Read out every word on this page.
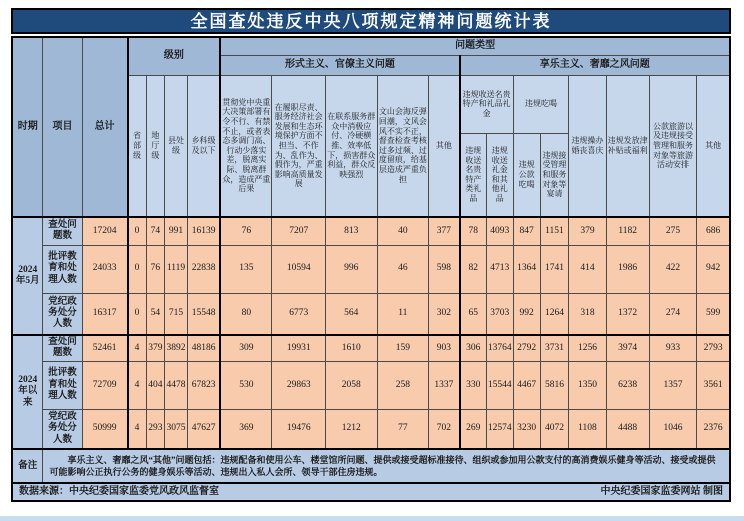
全国查处违反中央八项规定精神问题统计表
时期	项目	总计	级别				问题类型												
							形式主义、官僚主义问题					享乐主义、奢靡之风问题							
			省部级	地厅级	县处级	乡科级及以下	贯彻党中央重大决策部署有令不行、有禁不止，或者表态多调门高、行动少落实差，脱离实际、脱离群众，造成严重后果	在履职尽责、服务经济社会发展和生态环境保护方面不担当、不作为、乱作为、假作为，严重影响高质量发展	在联系服务群众中消极应付、冷硬横推、效率低下，损害群众利益，群众反映强烈	文山会海反弹回潮，文风会风不实不正，督查检查考核过多过频、过度留痕，给基层造成严重负担	其他	违规收送名贵特产和礼品礼金		违规吃喝		违规操办婚丧喜庆	违规发放津补贴或福利	公款旅游以及违规接受管理和服务对象等旅游活动安排	其他
												违规收送名贵特产类礼品	违规收送礼金和其他礼品	违规公款吃喝	违规接受管理和服务对象等宴请				
2024年5月	查处问题数	17204	0	74	991	16139	76	7207	813	40	377	78	4093	847	1151	379	1182	275	686
	批评教育和处理人数	24033	0	76	1119	22838	135	10594	996	46	598	82	4713	1364	1741	414	1986	422	942
	党纪政务处分人数	16317	0	54	715	15548	80	6773	564	11	302	65	3703	992	1264	318	1372	274	599
2024年以来	查处问题数	52461	4	379	3892	48186	309	19931	1610	159	903	306	13764	2792	3731	1256	3974	933	2793
	批评教育和处理人数	72709	4	404	4478	67823	530	29863	2058	258	1337	330	15544	4467	5816	1350	6238	1357	3561
	党纪政务处分人数	50999	4	293	3075	47627	369	19476	1212	77	702	269	12574	3230	4072	1108	4488	1046	2376
备注	享乐主义、奢靡之风“其他”问题包括：违规配备和使用公车、楼堂馆所问题、提供或接受超标准接待、组织或参加用公款支付的高消费娱乐健身等活动、接受或提供可能影响公正执行公务的健身娱乐等活动、违规出入私人会所、领导干部住房违规。																		

数据来源：中央纪委国家监委党风政风监督室 中央纪委国家监委网站 制图																			
